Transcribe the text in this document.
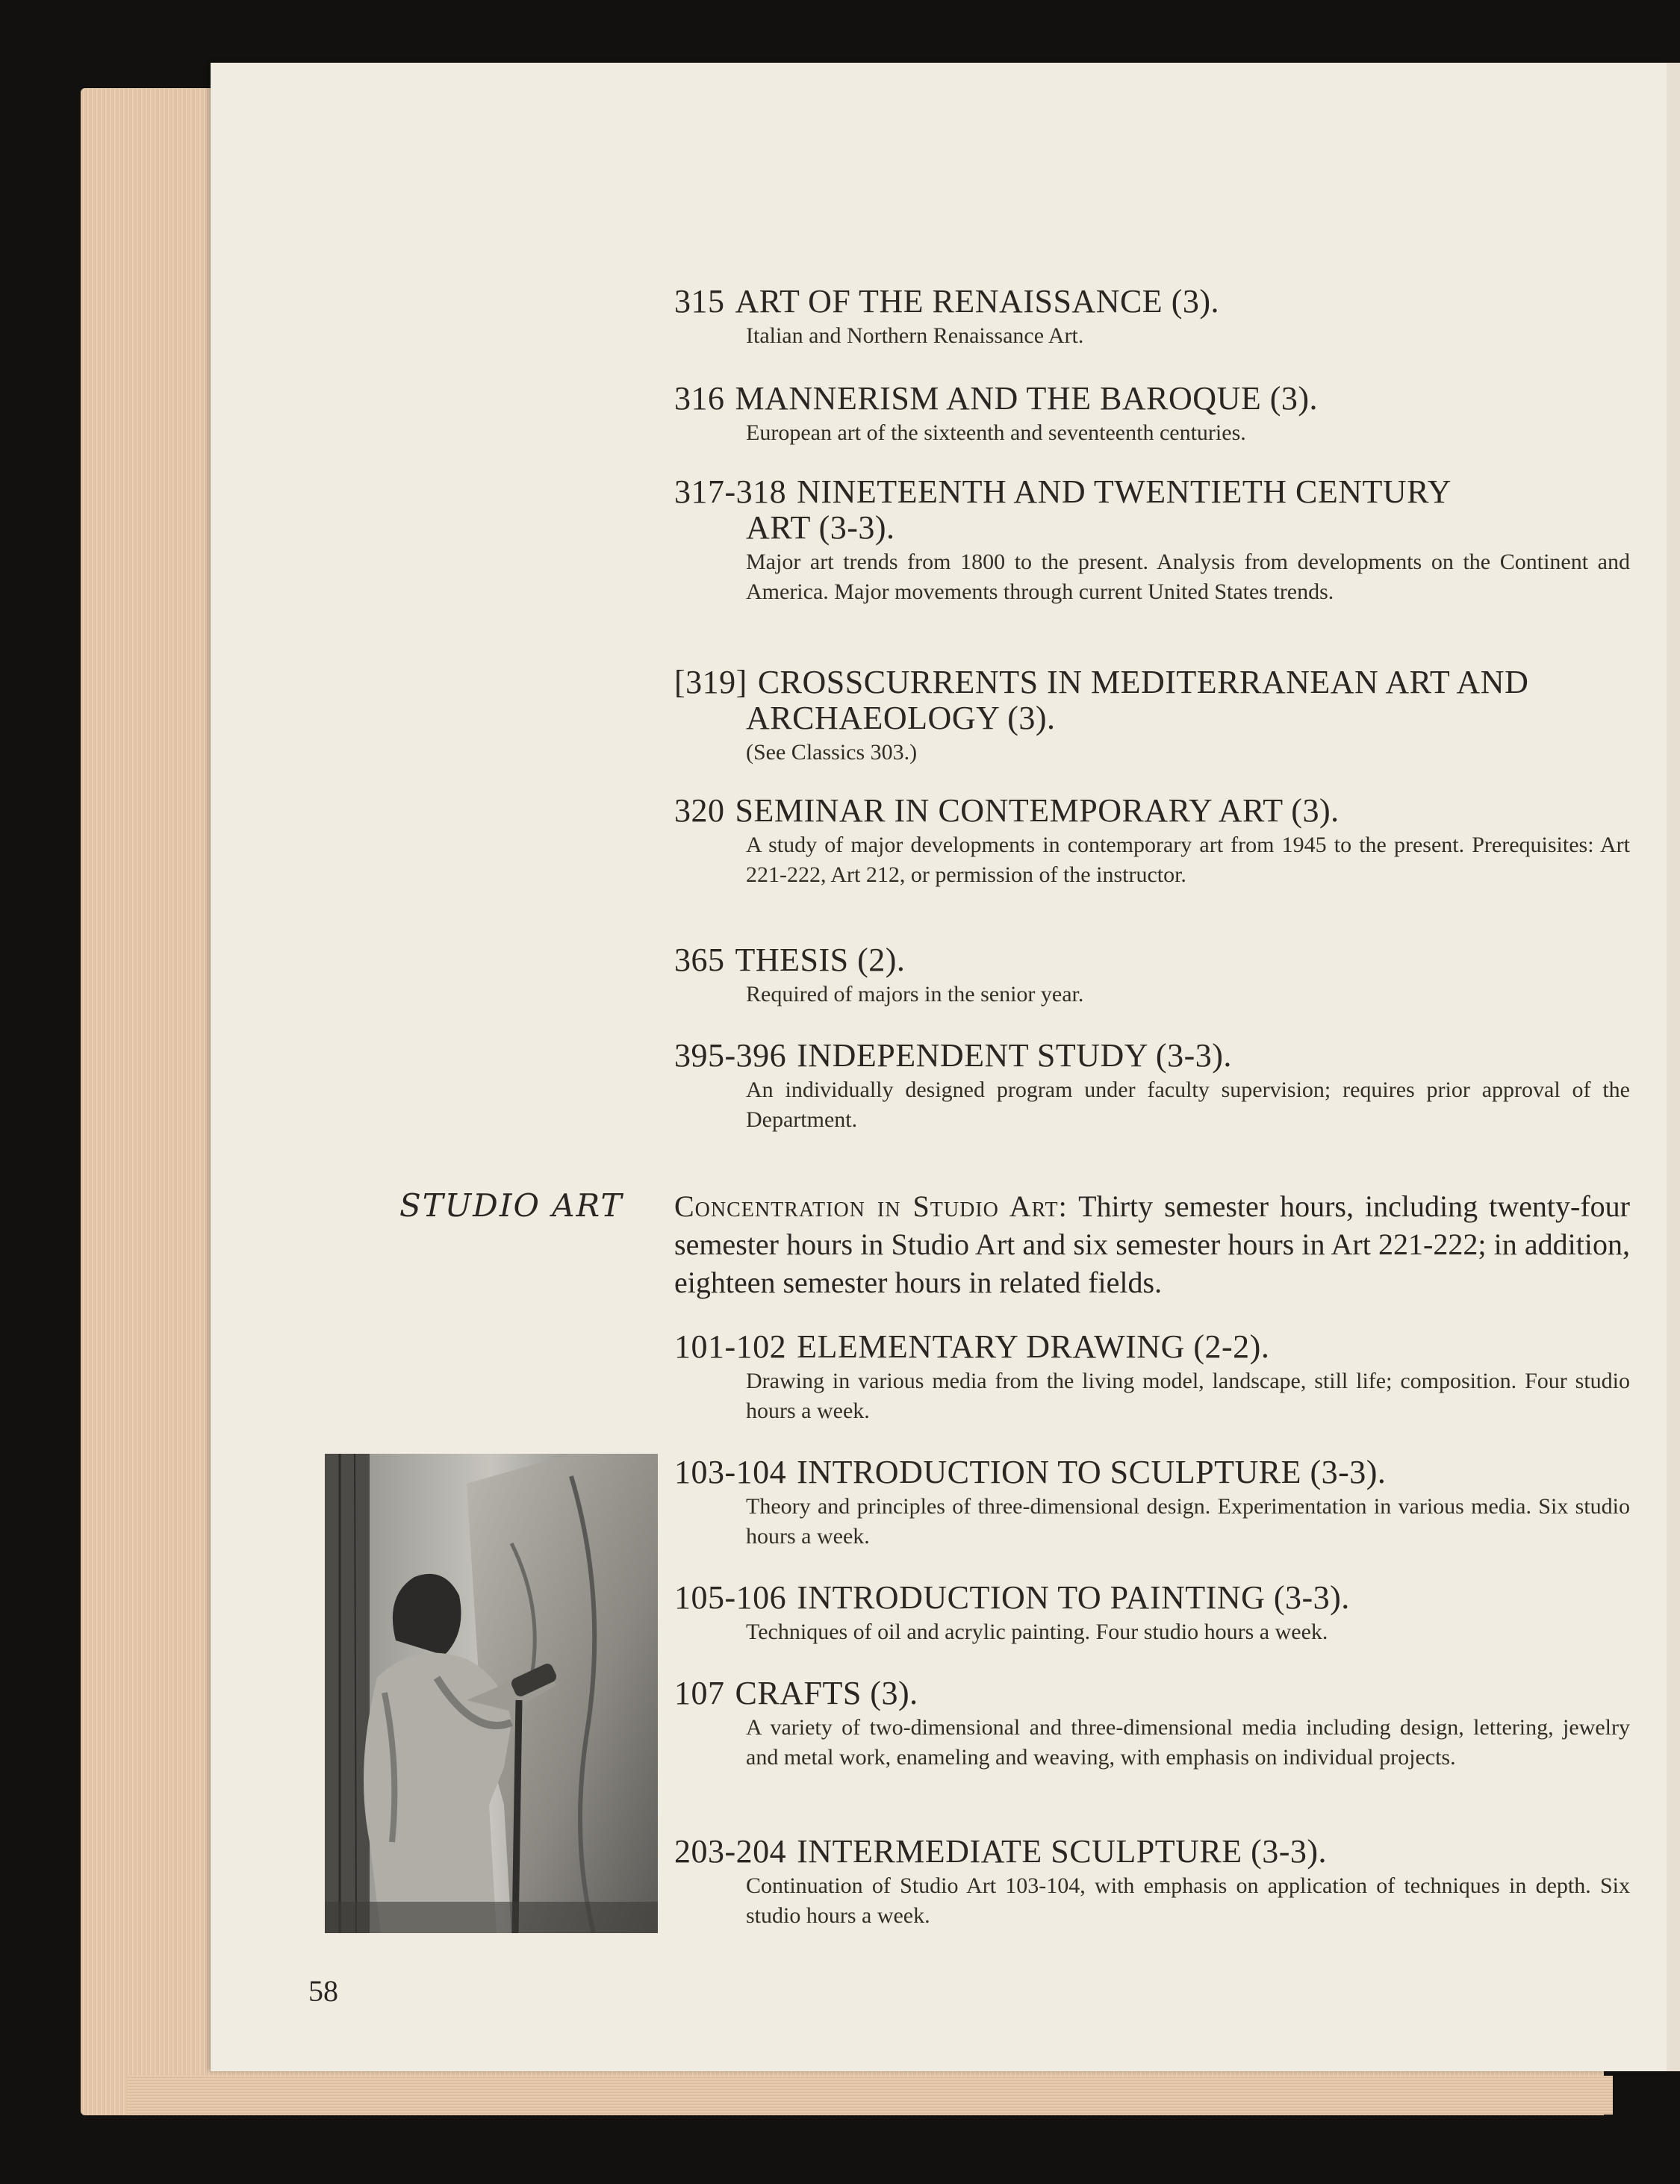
315 ART OF THE RENAISSANCE (3).
Italian and Northern Renaissance Art.
316 MANNERISM AND THE BAROQUE (3).
European art of the sixteenth and seventeenth centuries.
317-318 NINETEENTH AND TWENTIETH CENTURY
ART (3-3).
Major art trends from 1800 to the present. Analysis from developments on the Continent and America. Major movements through current United States trends.
[319] CROSSCURRENTS IN MEDITERRANEAN ART AND
ARCHAEOLOGY (3).
(See Classics 303.)
320 SEMINAR IN CONTEMPORARY ART (3).
A study of major developments in contemporary art from 1945 to the present. Prerequisites: Art 221-222, Art 212, or permission of the instructor.
365 THESIS (2).
Required of majors in the senior year.
395-396 INDEPENDENT STUDY (3-3).
An individually designed program under faculty supervision; requires prior approval of the Department.
STUDIO ART Concentration in Studio Art: Thirty semester hours, including twenty-four semester hours in Studio Art and six semester hours in Art 221-222; in addition, eighteen semester hours in related fields.
101-102 ELEMENTARY DRAWING (2-2).
Drawing in various media from the living model, landscape, still life; composition. Four studio hours a week.
103-104 INTRODUCTION TO SCULPTURE (3-3).
Theory and principles of three-dimensional design. Experimentation in various media. Six studio hours a week.
105-106 INTRODUCTION TO PAINTING (3-3).
Techniques of oil and acrylic painting. Four studio hours a week.
107 CRAFTS (3).
A variety of two-dimensional and three-dimensional media including design, lettering, jewelry and metal work, enameling and weaving, with emphasis on individual projects.
203-204 INTERMEDIATE SCULPTURE (3-3).
Continuation of Studio Art 103-104, with emphasis on application of techniques in depth. Six studio hours a week.
58
